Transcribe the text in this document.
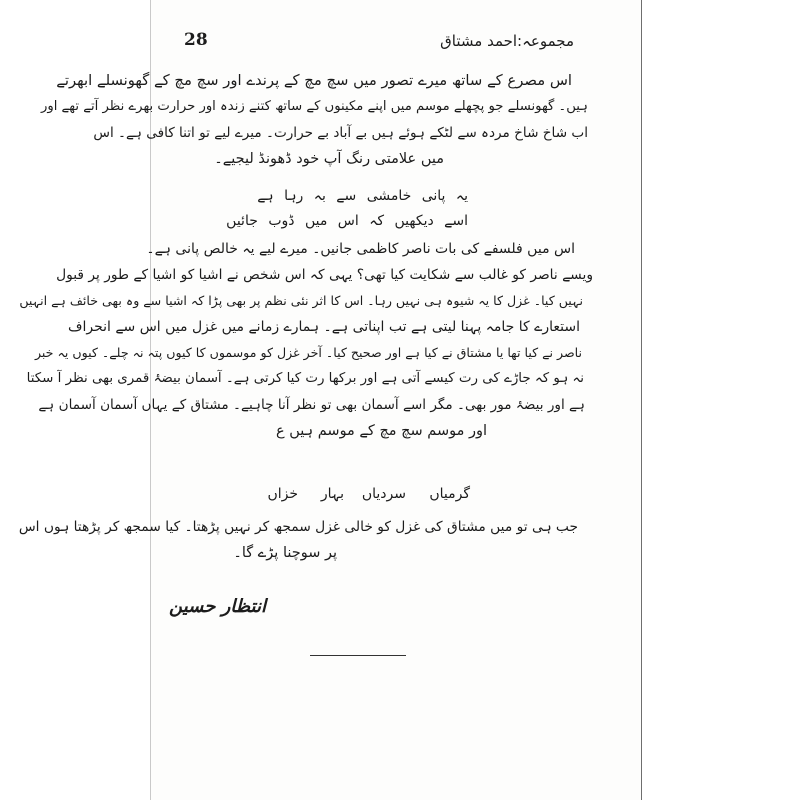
28	مجموعہ:احمد مشتاق
اس مصرع کے ساتھ میرے تصور میں سچ مچ کے پرندے اور سچ مچ کے گھونسلے ابھرتے
ہیں۔ گھونسلے جو پچھلے موسم میں اپنے مکینوں کے ساتھ کتنے زندہ اور حرارت بھرے نظر آتے تھے اور
اب شاخ شاخ مردہ سے لٹکے ہوئے ہیں بے آباد بے حرارت۔ میرے لیے تو اتنا کافی ہے۔ اس
میں علامتی رنگ آپ خود ڈھونڈ لیجیے۔
یہ پانی خامشی سے بہ رہا ہے
اسے دیکھیں کہ اس میں ڈوب جائیں
اس میں فلسفے کی بات ناصر کاظمی جانیں۔ میرے لیے یہ خالص پانی ہے۔
ویسے ناصر کو غالب سے شکایت کیا تھی؟ یہی کہ اس شخص نے اشیا کو اشیا کے طور پر قبول
نہیں کیا۔ غزل کا یہ شیوہ ہی نہیں رہا۔ اس کا اثر نئی نظم پر بھی پڑا کہ اشیا سے وہ بھی خائف ہے انہیں
استعارے کا جامہ پہنا لیتی ہے تب اپناتی ہے۔ ہمارے زمانے میں غزل میں اس سے انحراف
ناصر نے کیا تھا یا مشتاق نے کیا ہے اور صحیح کیا۔ آخر غزل کو موسموں کا کیوں پتہ نہ چلے۔ کیوں یہ خبر
نہ ہو کہ جاڑے کی رت کیسے آتی ہے اور برکھا رت کیا کرتی ہے۔ آسمان بیضۂ قمری بھی نظر آ سکتا
ہے اور بیضۂ مور بھی۔ مگر اسے آسمان بھی تو نظر آنا چاہیے۔ مشتاق کے یہاں آسمان آسمان ہے
اور موسم سچ مچ کے موسم ہیں ع
گرمیاں
سردیاں
بہار
خزاں
جب ہی تو میں مشتاق کی غزل کو خالی غزل سمجھ کر نہیں پڑھتا۔ کیا سمجھ کر پڑھتا ہوں اس
پر سوچنا پڑے گا۔
انتظار حسین
